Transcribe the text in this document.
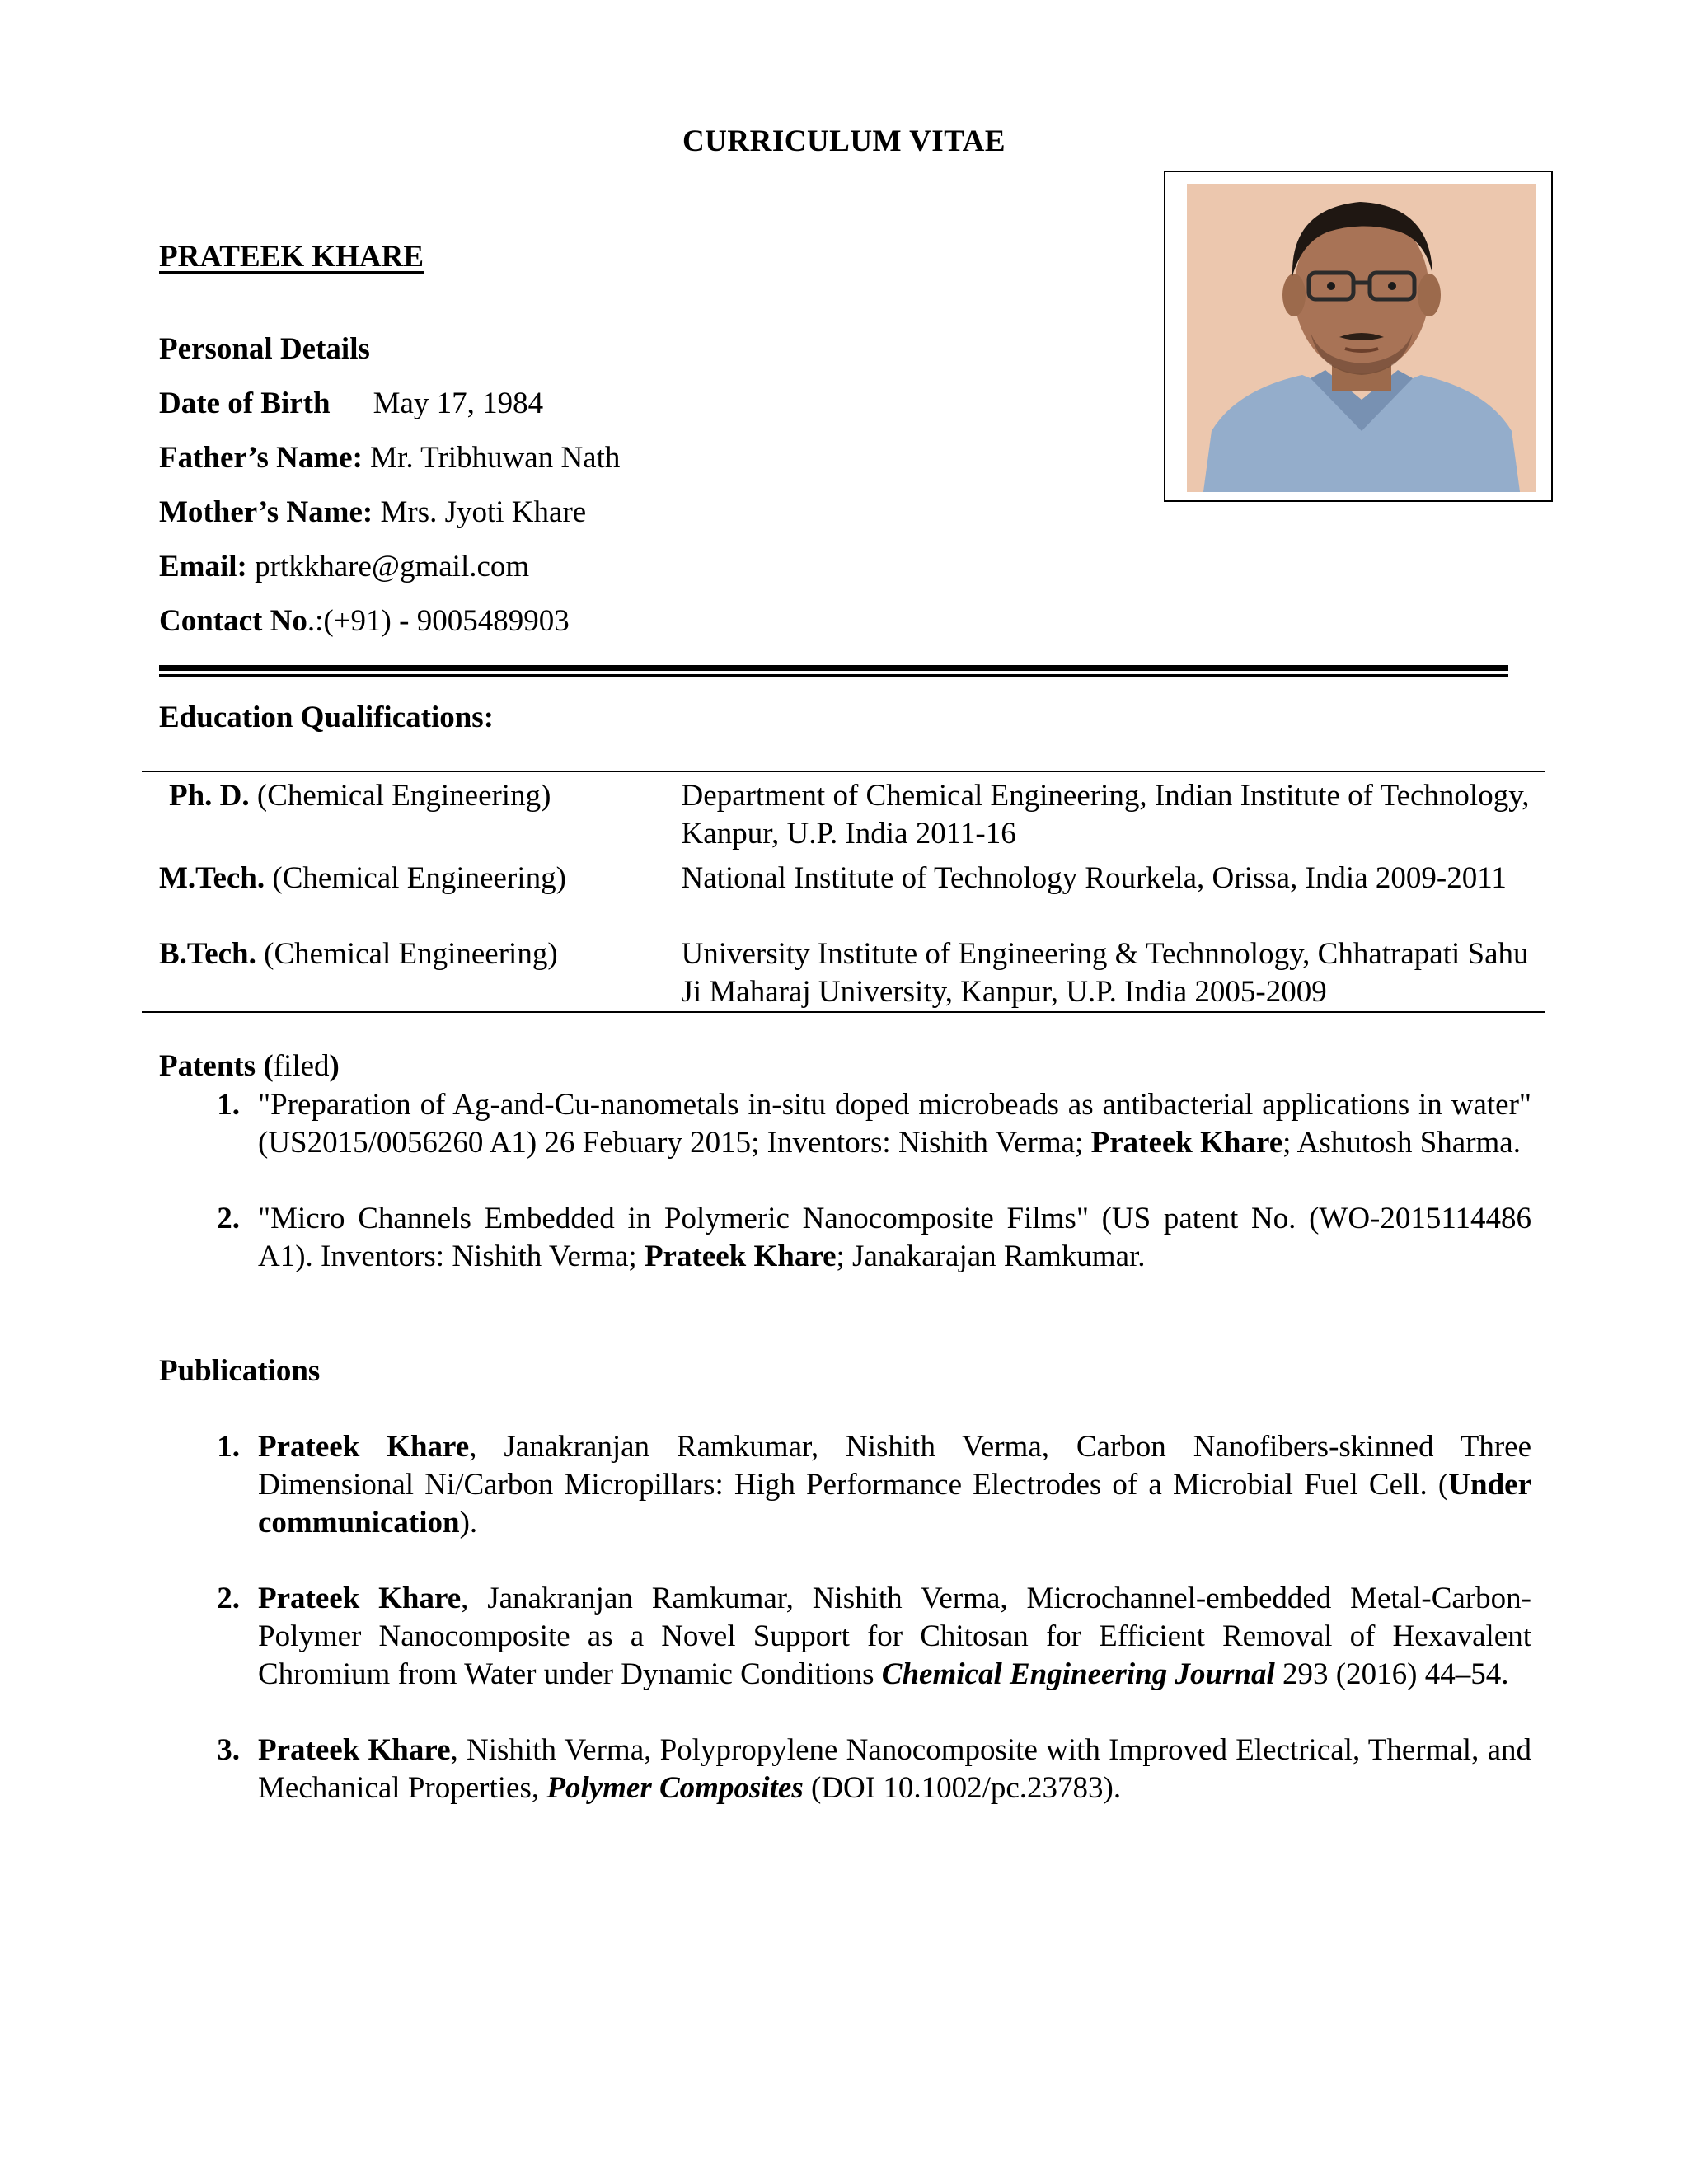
CURRICULUM VITAE
PRATEEK KHARE
Personal Details
Date of Birth May 17, 1984
Father’s Name: Mr. Tribhuwan Nath
Mother’s Name: Mrs. Jyoti Khare
Email: prtkkhare@gmail.com
Contact No.:(+91) - 9005489903
Education Qualifications:
Ph. D. (Chemical Engineering)	Department of Chemical Engineering, Indian Institute of Technology, Kanpur, U.P. India 2011-16
M.Tech. (Chemical Engineering)	National Institute of Technology Rourkela, Orissa, India 2009-2011
B.Tech. (Chemical Engineering)	University Institute of Engineering & Technnology, Chhatrapati Sahu Ji Maharaj University, Kanpur, U.P. India 2005-2009
Patents (filed)
1. "Preparation of Ag-and-Cu-nanometals in-situ doped microbeads as antibacterial applications in water" (US2015/0056260 A1) 26 Febuary 2015; Inventors: Nishith Verma; Prateek Khare; Ashutosh Sharma.
2. "Micro Channels Embedded in Polymeric Nanocomposite Films" (US patent No. (WO-2015114486 A1). Inventors: Nishith Verma; Prateek Khare; Janakarajan Ramkumar.
Publications
1. Prateek Khare, Janakranjan Ramkumar, Nishith Verma, Carbon Nanofibers-skinned Three Dimensional Ni/Carbon Micropillars: High Performance Electrodes of a Microbial Fuel Cell. (Under communication).
2. Prateek Khare, Janakranjan Ramkumar, Nishith Verma, Microchannel-embedded Metal-Carbon-Polymer Nanocomposite as a Novel Support for Chitosan for Efficient Removal of Hexavalent Chromium from Water under Dynamic Conditions Chemical Engineering Journal 293 (2016) 44–54.
3. Prateek Khare, Nishith Verma, Polypropylene Nanocomposite with Improved Electrical, Thermal, and Mechanical Properties, Polymer Composites (DOI 10.1002/pc.23783).
